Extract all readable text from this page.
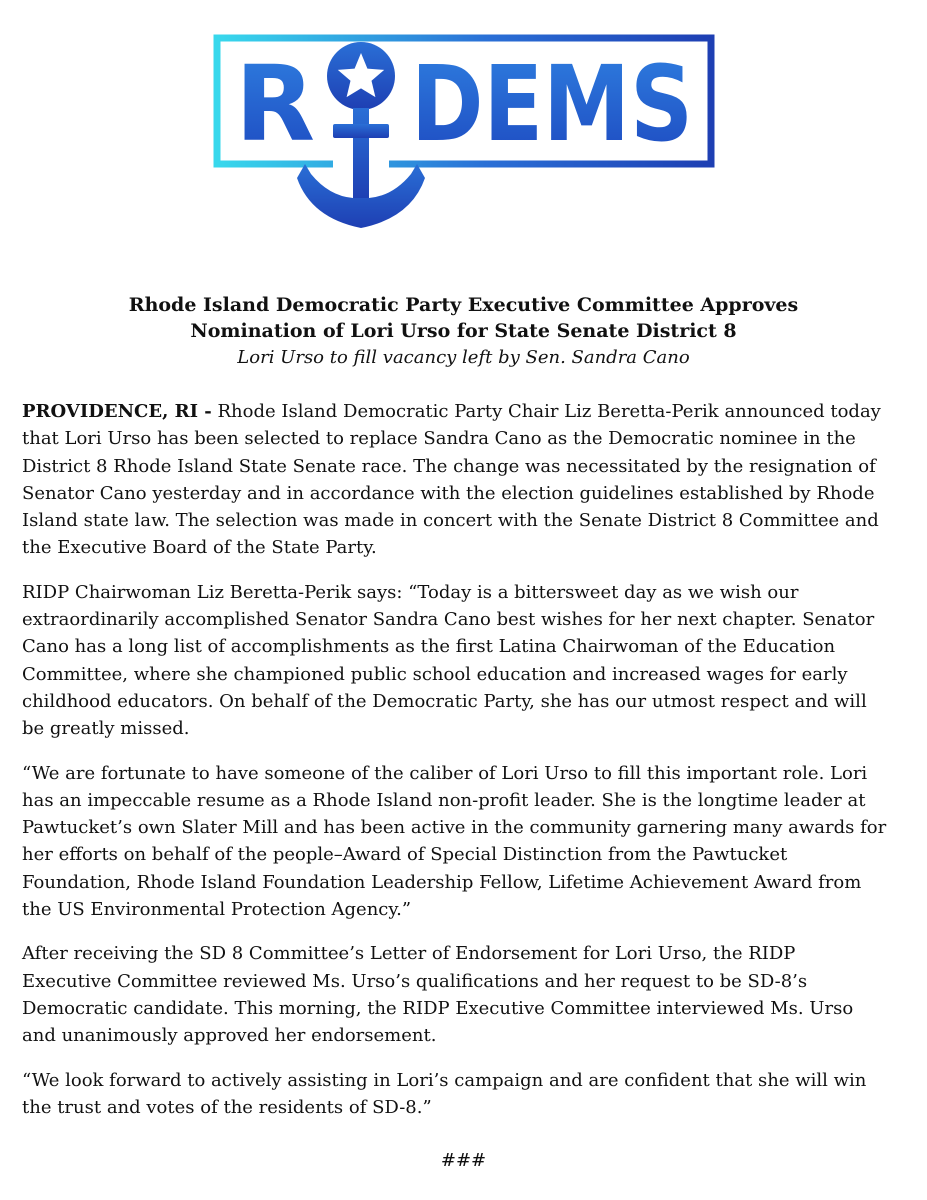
R DEMS
Rhode Island Democratic Party Executive Committee Approves Nomination of Lori Urso for State Senate District 8
Lori Urso to fill vacancy left by Sen. Sandra Cano

PROVIDENCE, RI - Rhode Island Democratic Party Chair Liz Beretta-Perik announced today that Lori Urso has been selected to replace Sandra Cano as the Democratic nominee in the District 8 Rhode Island State Senate race. The change was necessitated by the resignation of Senator Cano yesterday and in accordance with the election guidelines established by Rhode Island state law. The selection was made in concert with the Senate District 8 Committee and the Executive Board of the State Party.

RIDP Chairwoman Liz Beretta-Perik says: “Today is a bittersweet day as we wish our extraordinarily accomplished Senator Sandra Cano best wishes for her next chapter. Senator Cano has a long list of accomplishments as the first Latina Chairwoman of the Education Committee, where she championed public school education and increased wages for early childhood educators. On behalf of the Democratic Party, she has our utmost respect and will be greatly missed.

“We are fortunate to have someone of the caliber of Lori Urso to fill this important role. Lori has an impeccable resume as a Rhode Island non-profit leader. She is the longtime leader at Pawtucket’s own Slater Mill and has been active in the community garnering many awards for her efforts on behalf of the people–Award of Special Distinction from the Pawtucket Foundation, Rhode Island Foundation Leadership Fellow, Lifetime Achievement Award from the US Environmental Protection Agency.”

After receiving the SD 8 Committee’s Letter of Endorsement for Lori Urso, the RIDP Executive Committee reviewed Ms. Urso’s qualifications and her request to be SD-8’s Democratic candidate. This morning, the RIDP Executive Committee interviewed Ms. Urso and unanimously approved her endorsement.

“We look forward to actively assisting in Lori’s campaign and are confident that she will win the trust and votes of the residents of SD-8.”

###
